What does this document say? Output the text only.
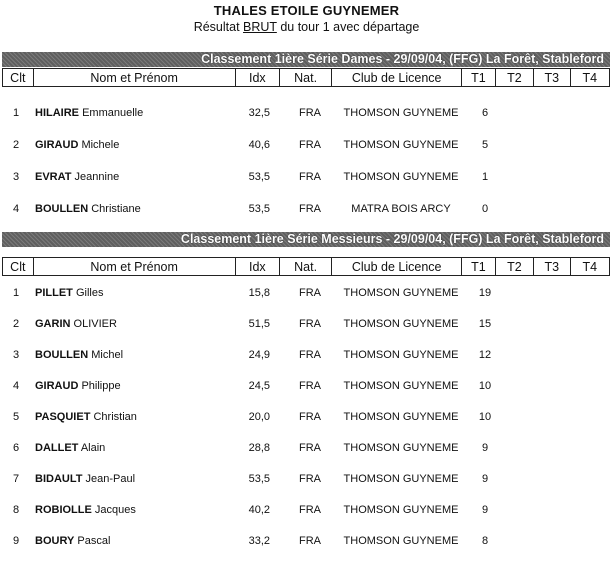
THALES ETOILE GUYNEMER
Résultat BRUT du tour 1 avec départage
Classement 1ière Série Dames - 29/09/04, (FFG) La Forêt, Stableford
Clt	Nom et Prénom	Idx	Nat.	Club de Licence	T1	T2	T3	T4
1 HILAIRE Emmanuelle	32,5	FRA	THOMSON GUYNEME	6
2 GIRAUD Michele	40,6	FRA	THOMSON GUYNEME	5
3 EVRAT Jeannine	53,5	FRA	THOMSON GUYNEME	1
4 BOULLEN Christiane	53,5	FRA	MATRA BOIS ARCY	0
Classement 1ière Série Messieurs - 29/09/04, (FFG) La Forêt, Stableford
Clt	Nom et Prénom	Idx	Nat.	Club de Licence	T1	T2	T3	T4
1 PILLET Gilles	15,8	FRA	THOMSON GUYNEME	19
2 GARIN OLIVIER	51,5	FRA	THOMSON GUYNEME	15
3 BOULLEN Michel	24,9	FRA	THOMSON GUYNEME	12
4 GIRAUD Philippe	24,5	FRA	THOMSON GUYNEME	10
5 PASQUIET Christian	20,0	FRA	THOMSON GUYNEME	10
6 DALLET Alain	28,8	FRA	THOMSON GUYNEME	9
7 BIDAULT Jean-Paul	53,5	FRA	THOMSON GUYNEME	9
8 ROBIOLLE Jacques	40,2	FRA	THOMSON GUYNEME	9
9 BOURY Pascal	33,2	FRA	THOMSON GUYNEME	8
